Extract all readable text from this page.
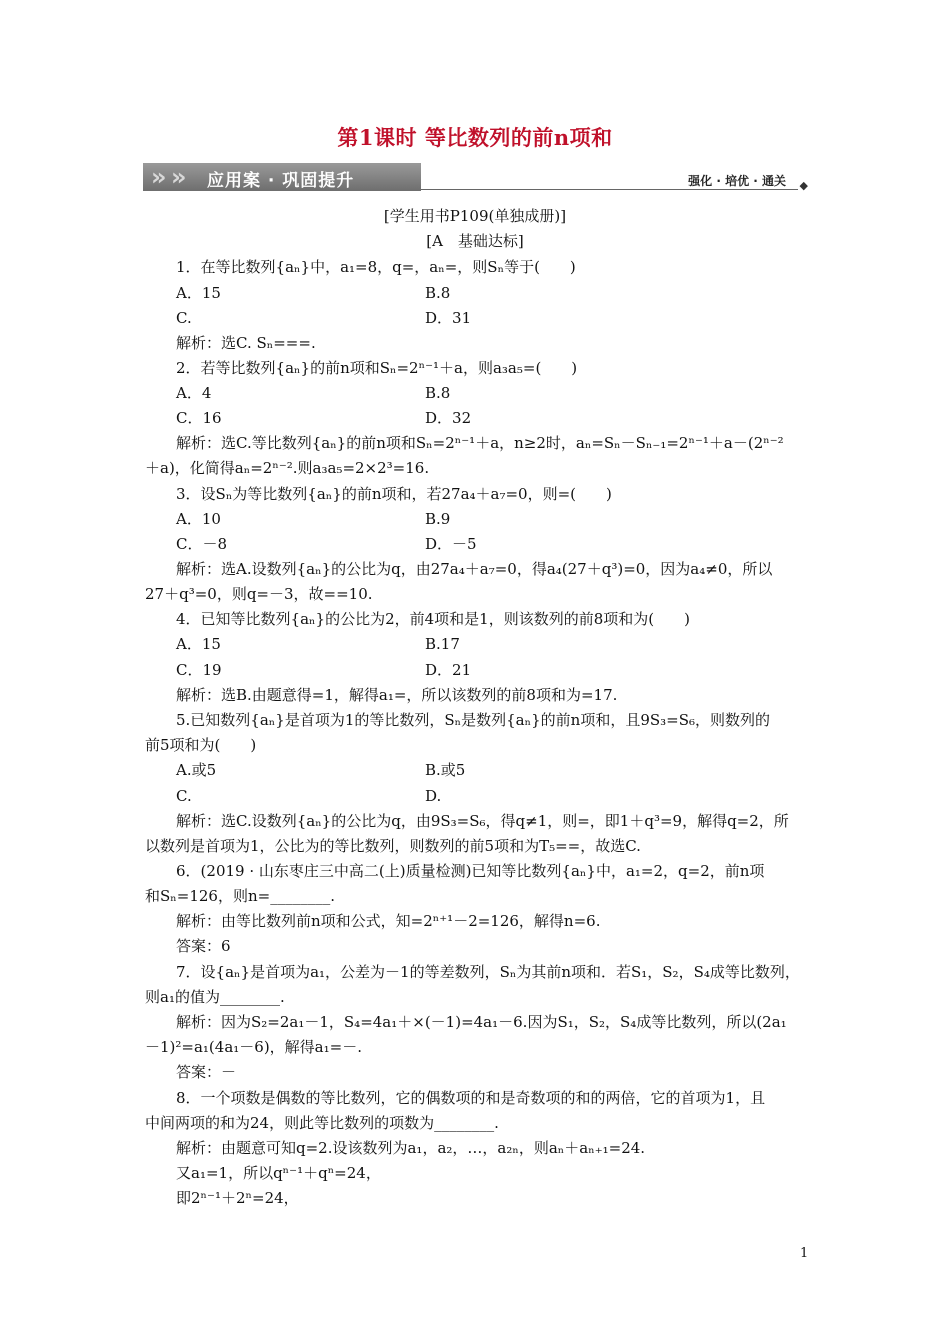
第1课时 等比数列的前n项和
» » 应用案 · 巩固提升	强化 · 培优 · 通关 ◆
[学生用书P109(单独成册)]
[A　基础达标]
1．在等比数列{aₙ}中，a₁=8，q=，aₙ=，则Sₙ等于(　　)
A．15	B.8
C.	D．31
解析：选C. Sₙ===.
2．若等比数列{aₙ}的前n项和Sₙ=2ⁿ⁻¹＋a，则a₃a₅=(　　)
A．4	B.8
C．16	D．32
解析：选C.等比数列{aₙ}的前n项和Sₙ=2ⁿ⁻¹＋a，n≥2时，aₙ=Sₙ－Sₙ₋₁=2ⁿ⁻¹＋a－(2ⁿ⁻²
＋a)，化简得aₙ=2ⁿ⁻².则a₃a₅=2×2³=16.
3．设Sₙ为等比数列{aₙ}的前n项和，若27a₄＋a₇=0，则=(　　)
A．10	B.9
C．－8	D．－5
解析：选A.设数列{aₙ}的公比为q，由27a₄＋a₇=0，得a₄(27＋q³)=0，因为a₄≠0，所以
27＋q³=0，则q=－3，故==10.
4．已知等比数列{aₙ}的公比为2，前4项和是1，则该数列的前8项和为(　　)
A．15	B.17
C．19	D．21
解析：选B.由题意得=1，解得a₁=，所以该数列的前8项和为=17.
5.已知数列{aₙ}是首项为1的等比数列，Sₙ是数列{aₙ}的前n项和，且9S₃=S₆，则数列的
前5项和为(　　)
A.或5	B.或5
C.	D.
解析：选C.设数列{aₙ}的公比为q，由9S₃=S₆，得q≠1，则=，即1＋q³=9，解得q=2，所
以数列是首项为1，公比为的等比数列，则数列的前5项和为T₅==，故选C.
6．(2019 · 山东枣庄三中高二(上)质量检测)已知等比数列{aₙ}中，a₁=2，q=2，前n项
和Sₙ=126，则n=________.
解析：由等比数列前n项和公式，知=2ⁿ⁺¹－2=126，解得n=6.
答案：6
7．设{aₙ}是首项为a₁，公差为－1的等差数列，Sₙ为其前n项和．若S₁，S₂，S₄成等比数列，
则a₁的值为________.
解析：因为S₂=2a₁－1，S₄=4a₁＋×(－1)=4a₁－6.因为S₁，S₂，S₄成等比数列，所以(2a₁
－1)²=a₁(4a₁－6)，解得a₁=－.
答案：－
8．一个项数是偶数的等比数列，它的偶数项的和是奇数项的和的两倍，它的首项为1，且
中间两项的和为24，则此等比数列的项数为________.
解析：由题意可知q=2.设该数列为a₁，a₂，…，a₂ₙ，则aₙ＋aₙ₊₁=24.
又a₁=1，所以qⁿ⁻¹＋qⁿ=24，
即2ⁿ⁻¹＋2ⁿ=24，
1
